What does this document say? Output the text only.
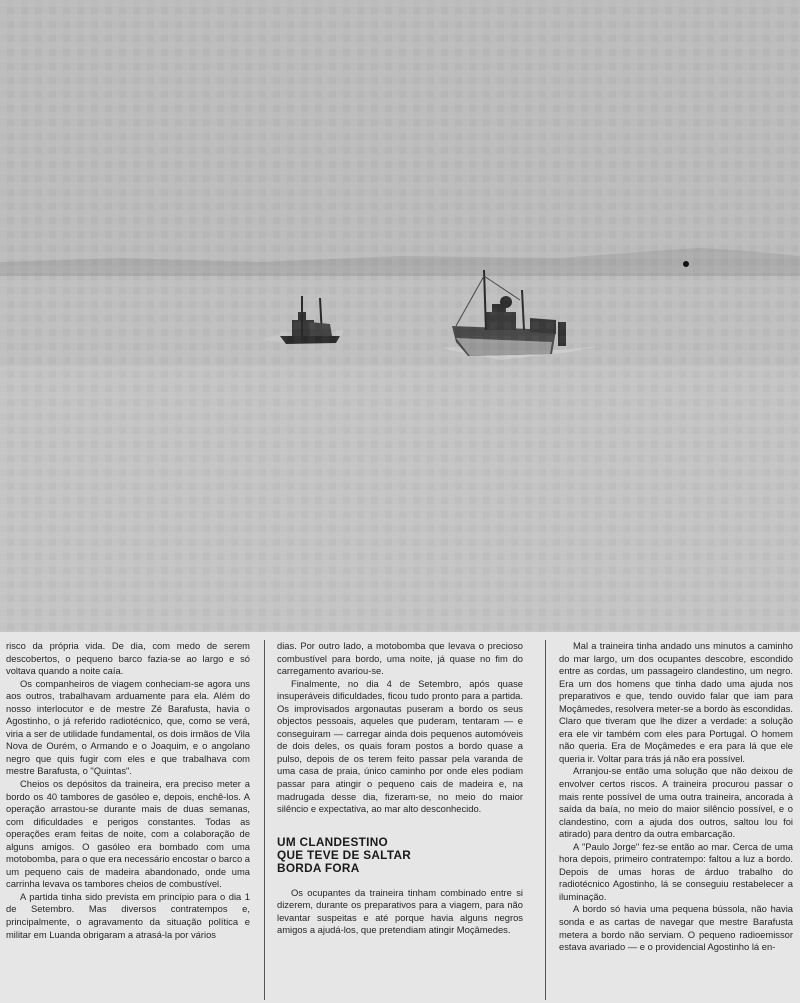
risco da própria vida. De dia, com medo de serem descobertos, o pequeno barco fazia-se ao largo e só voltava quando a noite caía.

Os companheiros de viagem conheciam-se agora uns aos outros, trabalhavam arduamente para ela. Além do nosso interlocutor e de mestre Zé Barafusta, havia o Agostinho, o já referido radiotécnico, que, como se verá, viria a ser de utilidade fundamental, os dois irmãos de Vila Nova de Ourém, o Armando e o Joaquim, e o angolano negro que quis fugir com eles e que trabalhava com mestre Barafusta, o "Quintas".

Cheios os depósitos da traineira, era preciso meter a bordo os 40 tambores de gasóleo e, depois, enchê-los. A operação arrastou-se durante mais de duas semanas, com dificuldades e perigos constantes. Todas as operações eram feitas de noite, com a colaboração de alguns amigos. O gasóleo era bombado com uma motobomba, para o que era necessário encostar o barco a um pequeno cais de madeira abandonado, onde uma carrinha levava os tambores cheios de combustível.

A partida tinha sido prevista em princípio para o dia 1 de Setembro. Mas diversos contratempos e, principalmente, o agravamento da situação política e militar em Luanda obrigaram a atrasá-la por vários

dias. Por outro lado, a motobomba que levava o precioso combustível para bordo, uma noite, já quase no fim do carregamento avariou-se.

Finalmente, no dia 4 de Setembro, após quase insuperáveis dificuldades, ficou tudo pronto para a partida. Os improvisados argonautas puseram a bordo os seus objectos pessoais, aqueles que puderam, tentaram — e conseguiram — carregar ainda dois pequenos automóveis de dois deles, os quais foram postos a bordo quase a pulso, depois de os terem feito passar pela varanda de uma casa de praia, único caminho por onde eles podiam passar para atingir o pequeno cais de madeira e, na madrugada desse dia, fizeram-se, no meio do maior silêncio e expectativa, ao mar alto desconhecido.

UM CLANDESTINO
QUE TEVE DE SALTAR
BORDA FORA

Os ocupantes da traineira tinham combinado entre si dizerem, durante os preparativos para a viagem, para não levantar suspeitas e até porque havia alguns negros amigos a ajudá-los, que pretendiam atingir Moçâmedes.

Mal a traineira tinha andado uns minutos a caminho do mar largo, um dos ocupantes descobre, escondido entre as cordas, um passageiro clandestino, um negro. Era um dos homens que tinha dado uma ajuda nos preparativos e que, tendo ouvido falar que iam para Moçâmedes, resolvera meter-se a bordo às escondidas. Claro que tiveram que lhe dizer a verdade: a solução era ele vir também com eles para Portugal. O homem não queria. Era de Moçâmedes e era para lá que ele queria ir. Voltar para trás já não era possível.

Arranjou-se então uma solução que não deixou de envolver certos riscos. A traineira procurou passar o mais rente possível de uma outra traineira, ancorada à saída da baía, no meio do maior silêncio possível, e o clandestino, com a ajuda dos outros, saltou lou foi atirado) para dentro da outra embarcação.

A "Paulo Jorge" fez-se então ao mar. Cerca de uma hora depois, primeiro contratempo: faltou a luz a bordo. Depois de umas horas de árduo trabalho do radiotécnico Agostinho, lá se conseguiu restabelecer a iluminação.

A bordo só havia uma pequena bússola, não havia sonda e as cartas de navegar que mestre Barafusta metera a bordo não serviam. O pequeno radioemissor estava avariado — e o providencial Agostinho lá en-
